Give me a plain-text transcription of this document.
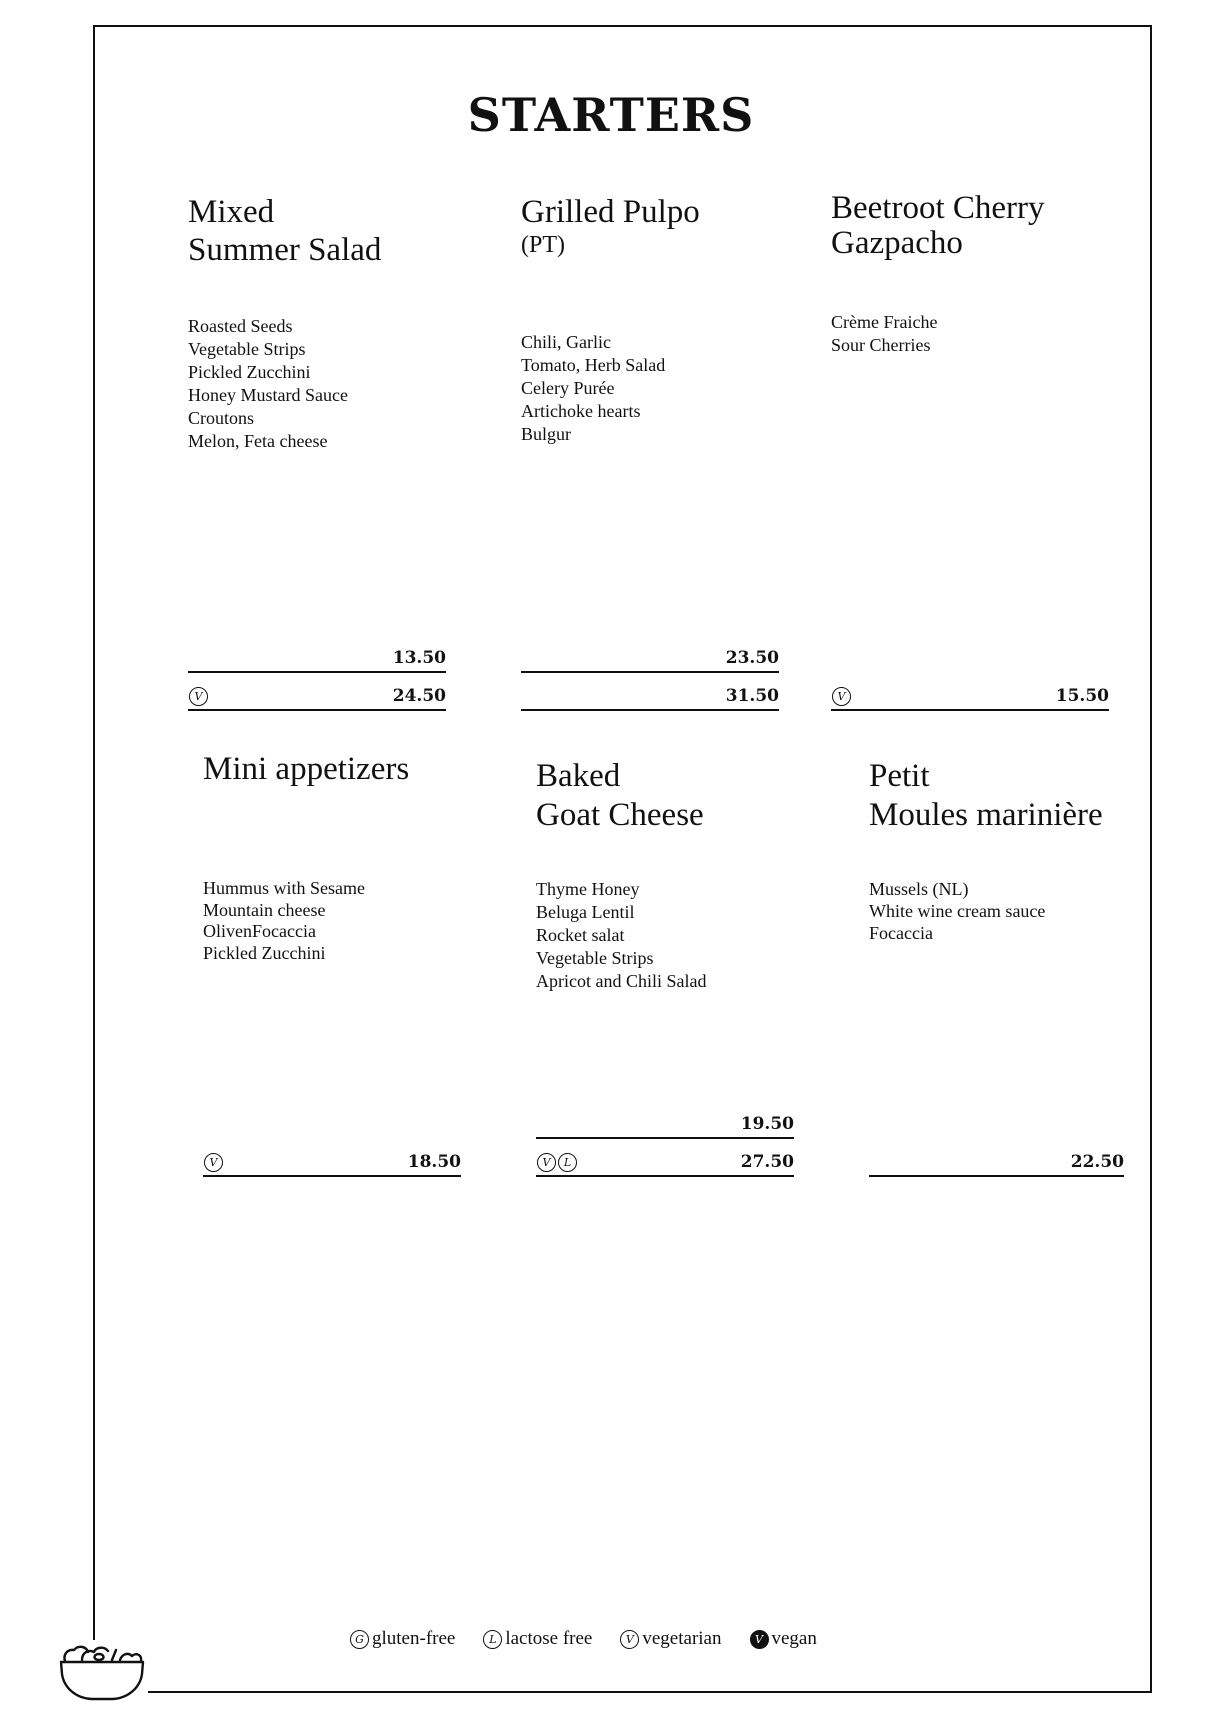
STARTERS
Mixed
Summer Salad
Roasted Seeds
Vegetable Strips
Pickled Zucchini
Honey Mustard Sauce
Croutons
Melon, Feta cheese
13.50
V	24.50
Grilled Pulpo
(PT)
Chili, Garlic
Tomato, Herb Salad
Celery Purée
Artichoke hearts
Bulgur
23.50
31.50
Beetroot Cherry
Gazpacho
Crème Fraiche
Sour Cherries
V	15.50
Mini appetizers
Hummus with Sesame
Mountain cheese
OlivenFocaccia
Pickled Zucchini
V	18.50
Baked
Goat Cheese
Thyme Honey
Beluga Lentil
Rocket salat
Vegetable Strips
Apricot and Chili Salad
19.50
V	L	27.50
Petit
Moules marinière
Mussels (NL)
White wine cream sauce
Focaccia
22.50
G gluten-free	L lactose free	V vegetarian	V vegan
